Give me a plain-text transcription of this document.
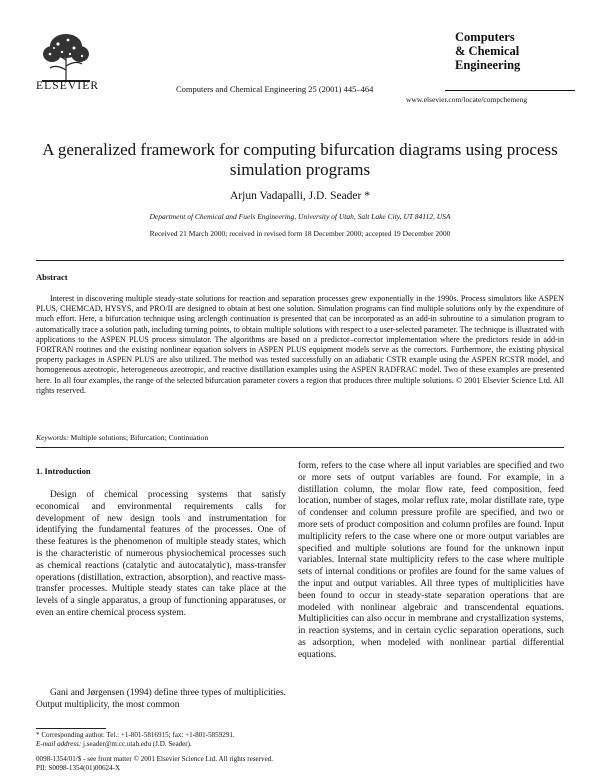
ELSEVIER	Computers and Chemical Engineering 25 (2001) 445–464
Computers
& Chemical
Engineering
www.elsevier.com/locate/compchemeng
A generalized framework for computing bifurcation diagrams using process simulation programs
Arjun Vadapalli, J.D. Seader *
Department of Chemical and Fuels Engineering, University of Utah, Salt Lake City, UT 84112, USA
Received 21 March 2000; received in revised form 18 December 2000; accepted 19 December 2000
Abstract
Interest in discovering multiple steady-state solutions for reaction and separation processes grew exponentially in the 1990s. Process simulators like ASPEN PLUS, CHEMCAD, HYSYS, and PRO/II are designed to obtain at best one solution. Simulation programs can find multiple solutions only by the expenditure of much effort. Here, a bifurcation technique using arclength continuation is presented that can be incorporated as an add-in subroutine to a simulation program to automatically trace a solution path, including turning points, to obtain multiple solutions with respect to a user-selected parameter. The technique is illustrated with applications to the ASPEN PLUS process simulator. The algorithms are based on a predictor–corrector implementation where the predictors reside in add-in FORTRAN routines and the existing nonlinear equation solvers in ASPEN PLUS equipment models serve as the correctors. Furthermore, the existing physical property packages in ASPEN PLUS are also utilized. The method was tested successfully on an adiabatic CSTR example using the ASPEN RCSTR model, and homogeneous azeotropic, heterogeneous azeotropic, and reactive distillation examples using the ASPEN RADFRAC model. Two of these examples are presented here. In all four examples, the range of the selected bifurcation parameter covers a region that produces three multiple solutions. © 2001 Elsevier Science Ltd. All rights reserved.
Keywords: Multiple solutions; Bifurcation; Continuation
1. Introduction
Design of chemical processing systems that satisfy economical and environmental requirements calls for development of new design tools and instrumentation for identifying the fundamental features of the processes. One of these features is the phenomenon of multiple steady states, which is the characteristic of numerous physiochemical processes such as chemical reactions (catalytic and autocatalytic), mass-transfer operations (distillation, extraction, absorption), and reactive mass-transfer processes. Multiple steady states can take place at the levels of a single apparatus, a group of functioning apparatuses, or even an entire chemical process system.
Gani and Jørgensen (1994) define three types of multiplicities. Output multiplicity, the most common
form, refers to the case where all input variables are specified and two or more sets of output variables are found. For example, in a distillation column, the molar flow rate, feed composition, feed location, number of stages, molar reflux rate, molar distillate rate, type of condenser and column pressure profile are specified, and two or more sets of product composition and column profiles are found. Input multiplicity refers to the case where one or more output variables are specified and multiple solutions are found for the unknown input variables. Internal state multiplicity refers to the case where multiple sets of internal conditions or profiles are found for the same values of the input and output variables. All three types of multiplicities have been found to occur in steady-state separation operations that are modeled with nonlinear algebraic and transcendental equations. Multiplicities can also occur in membrane and crystallization systems, in reaction systems, and in certain cyclic separation operations, such as adsorption, when modeled with nonlinear partial differential equations.
* Corresponding author. Tel.: +1-801-5816915; fax: +1-801-5859291.
E-mail address: j.seader@m.cc.utah.edu (J.D. Seader).
0098-1354/01/$ - see front matter © 2001 Elsevier Science Ltd. All rights reserved.
PII: S0098-1354(01)00624-X
